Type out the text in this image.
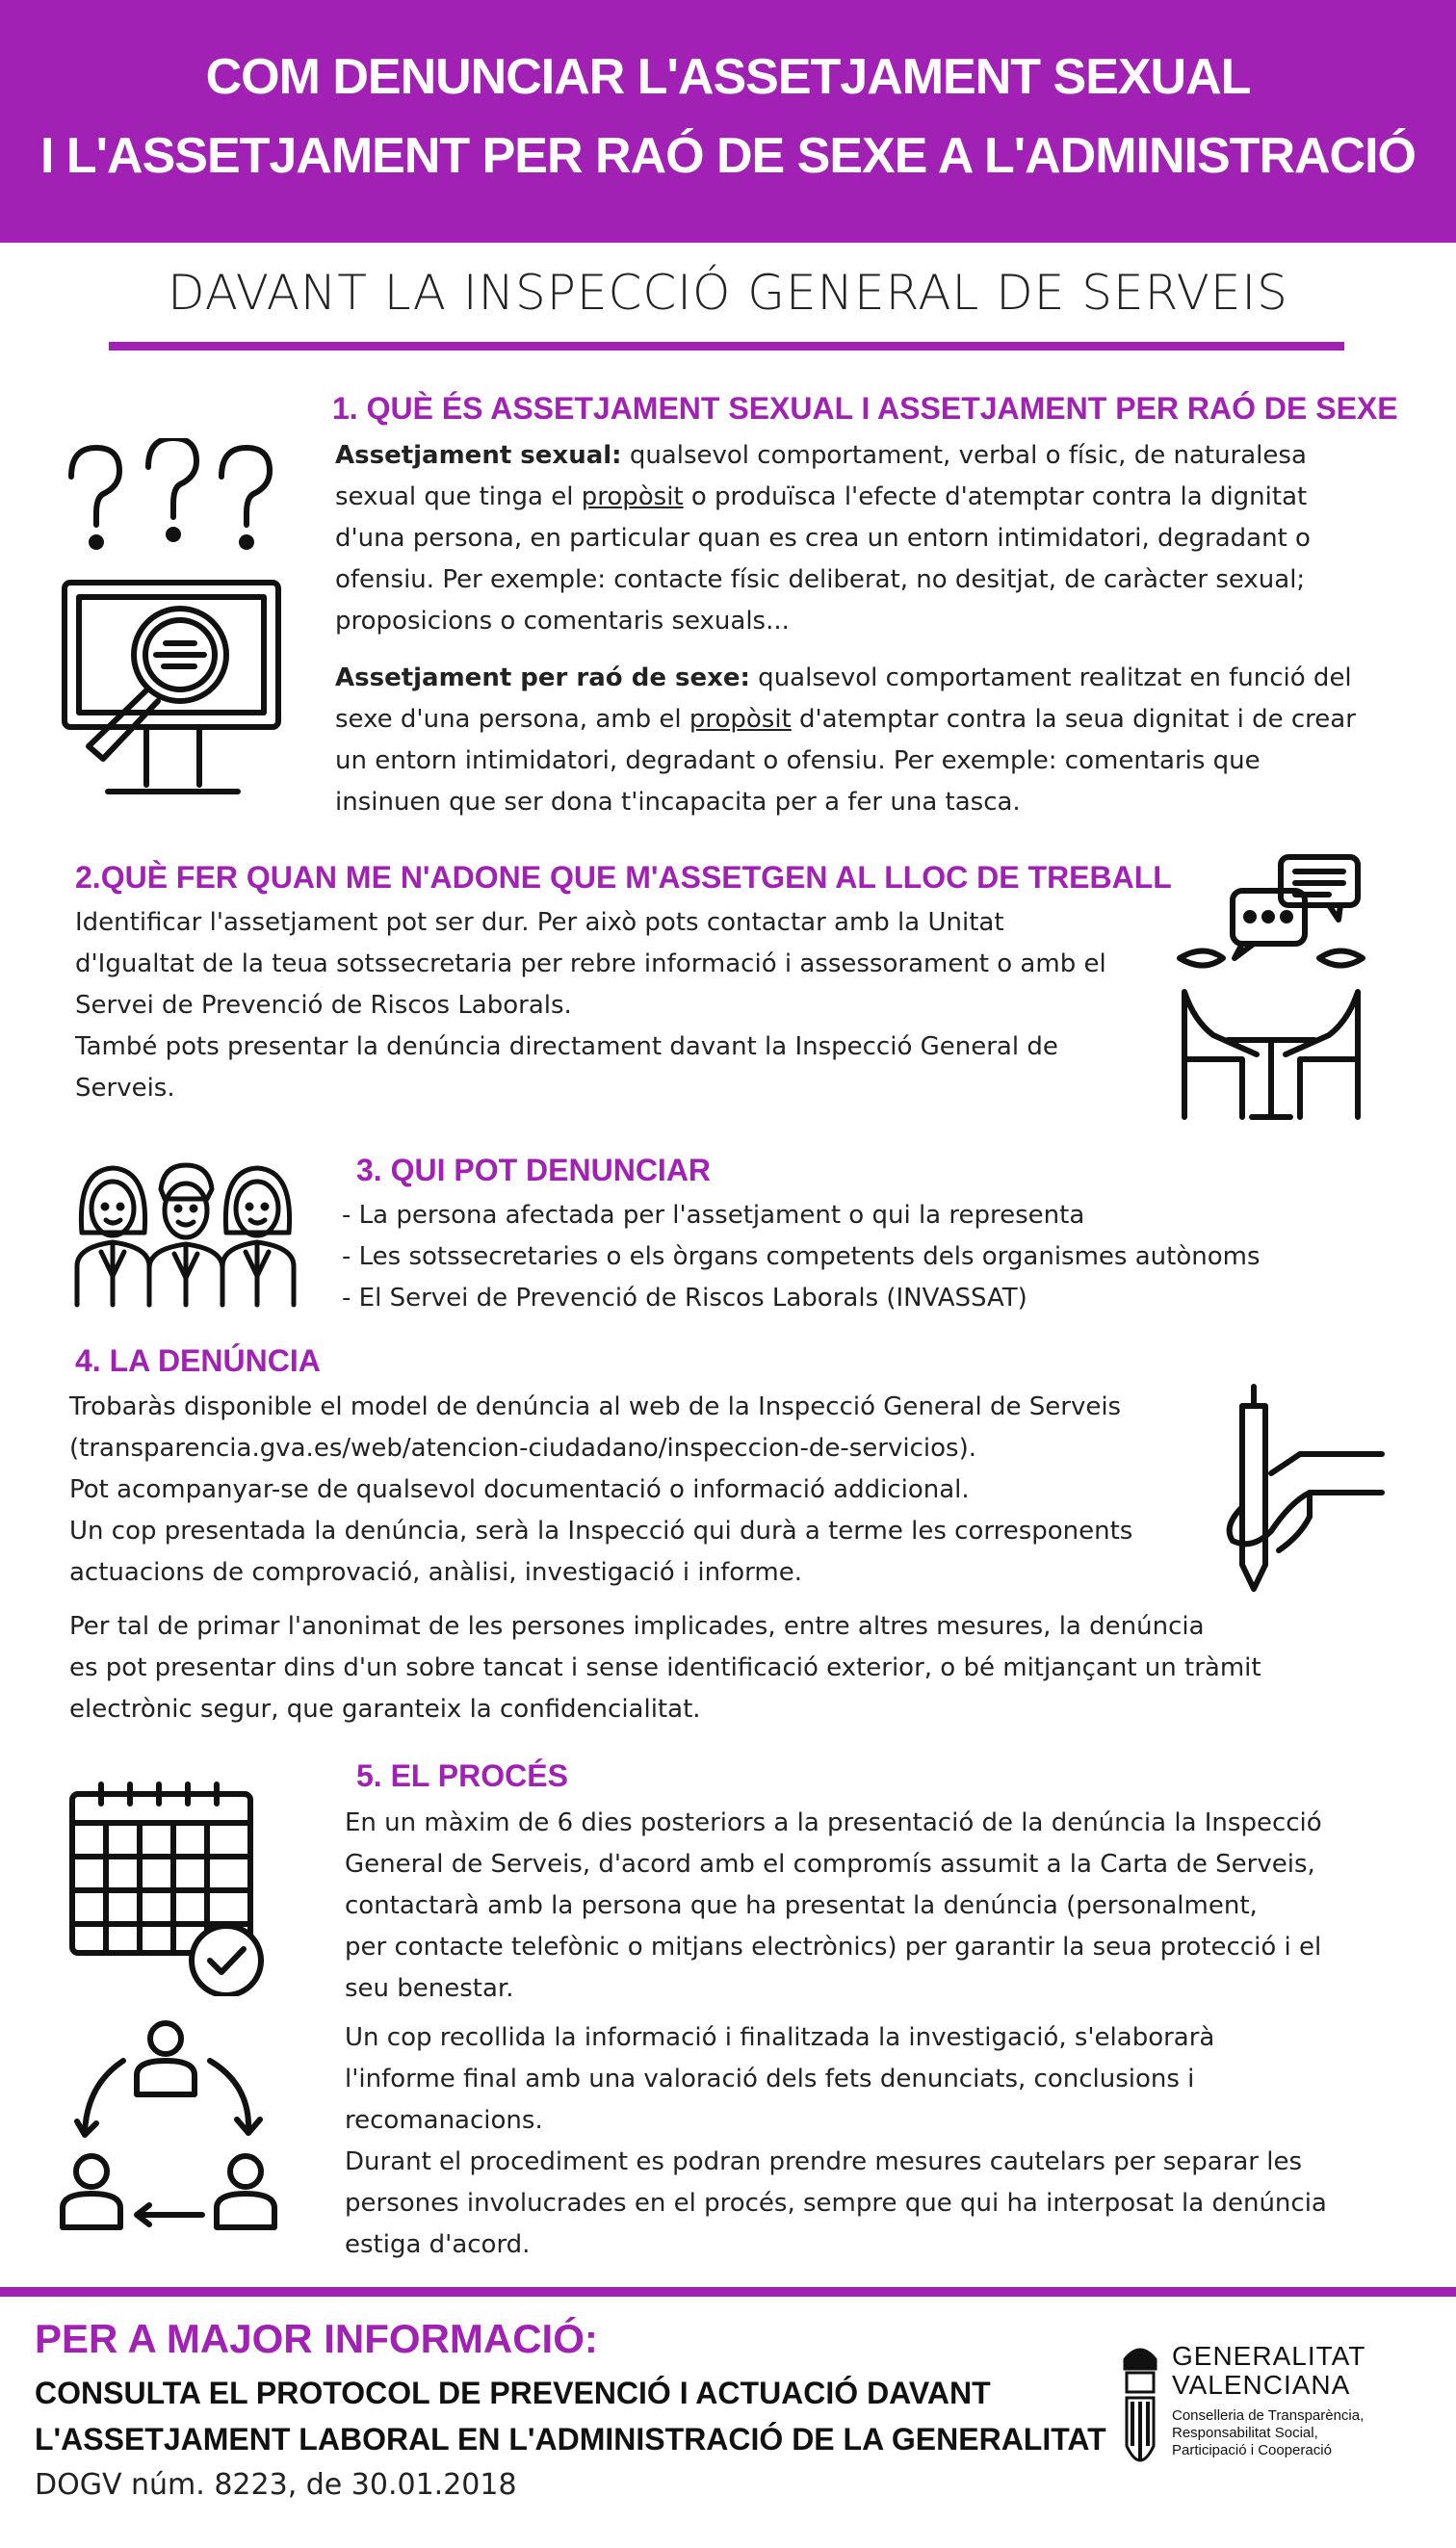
COM DENUNCIAR L'ASSETJAMENT SEXUAL
I L'ASSETJAMENT PER RAÓ DE SEXE A L'ADMINISTRACIÓ
DAVANT LA INSPECCIÓ GENERAL DE SERVEIS
1. QUÈ ÉS ASSETJAMENT SEXUAL I ASSETJAMENT PER RAÓ DE SEXE

Assetjament sexual: qualsevol comportament, verbal o físic, de naturalesa sexual que tinga el propòsit o produïsca l'efecte d'atemptar contra la dignitat d'una persona, en particular quan es crea un entorn intimidatori, degradant o ofensiu. Per exemple: contacte físic deliberat, no desitjat, de caràcter sexual; proposicions o comentaris sexuals...

Assetjament per raó de sexe: qualsevol comportament realitzat en funció del sexe d'una persona, amb el propòsit d'atemptar contra la seua dignitat i de crear un entorn intimidatori, degradant o ofensiu. Per exemple: comentaris que insinuen que ser dona t'incapacita per a fer una tasca.

2.QUÈ FER QUAN ME N'ADONE QUE M'ASSETGEN AL LLOC DE TREBALL

Identificar l'assetjament pot ser dur. Per això pots contactar amb la Unitat

d'Igualtat de la teua sotssecretaria per rebre informació i assessorament o amb el

Servei de Prevenció de Riscos Laborals.

També pots presentar la denúncia directament davant la Inspecció General de

Serveis.

3. QUI POT DENUNCIAR

- La persona afectada per l'assetjament o qui la representa

- Les sotssecretaries o els òrgans competents dels organismes autònoms

- El Servei de Prevenció de Riscos Laborals (INVASSAT)

4. LA DENÚNCIA

Trobaràs disponible el model de denúncia al web de la Inspecció General de Serveis

(transparencia.gva.es/web/atencion-ciudadano/inspeccion-de-servicios).

Pot acompanyar-se de qualsevol documentació o informació addicional.

Un cop presentada la denúncia, serà la Inspecció qui durà a terme les corresponents

actuacions de comprovació, anàlisi, investigació i informe.

Per tal de primar l'anonimat de les persones implicades, entre altres mesures, la denúncia

es pot presentar dins d'un sobre tancat i sense identificació exterior, o bé mitjançant un tràmit

electrònic segur, que garanteix la confidencialitat.

5. EL PROCÉS

En un màxim de 6 dies posteriors a la presentació de la denúncia la Inspecció

General de Serveis, d'acord amb el compromís assumit a la Carta de Serveis,

contactarà amb la persona que ha presentat la denúncia (personalment,

per contacte telefònic o mitjans electrònics) per garantir la seua protecció i el

seu benestar.

Un cop recollida la informació i finalitzada la investigació, s'elaborarà

l'informe final amb una valoració dels fets denunciats, conclusions i

recomanacions.

Durant el procediment es podran prendre mesures cautelars per separar les

persones involucrades en el procés, sempre que qui ha interposat la denúncia

estiga d'acord.

PER A MAJOR INFORMACIÓ:
CONSULTA EL PROTOCOL DE PREVENCIÓ I ACTUACIÓ DAVANT
L'ASSETJAMENT LABORAL EN L'ADMINISTRACIÓ DE LA GENERALITAT
DOGV núm. 8223, de 30.01.2018
GENERALITAT
VALENCIANA
Conselleria de Transparència,
Responsabilitat Social,
Participació i Cooperació
